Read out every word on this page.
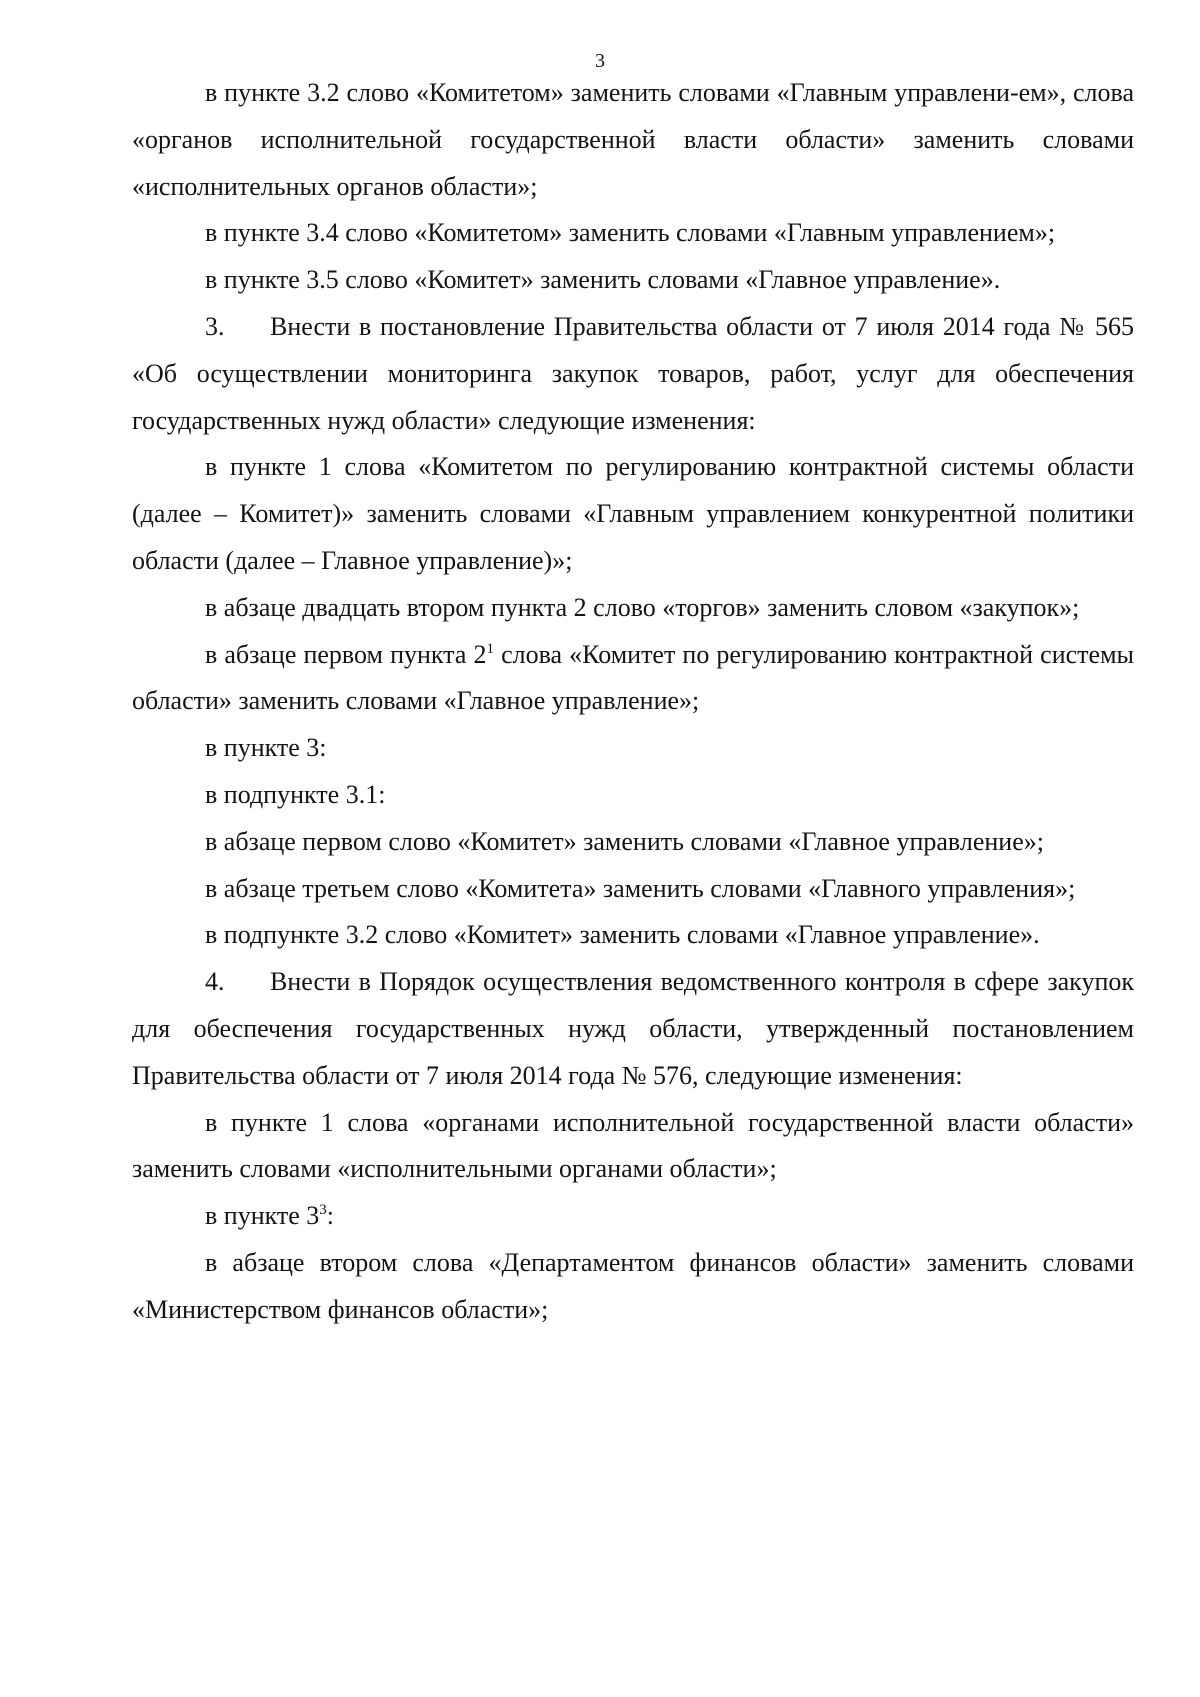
3

в пункте 3.2 слово «Комитетом» заменить словами «Главным управлени-ем», слова «органов исполнительной государственной власти области» заменить словами «исполнительных органов области»;

в пункте 3.4 слово «Комитетом» заменить словами «Главным управлением»;

в пункте 3.5 слово «Комитет» заменить словами «Главное управление».

3. Внести в постановление Правительства области от 7 июля 2014 года № 565 «Об осуществлении мониторинга закупок товаров, работ, услуг для обеспечения государственных нужд области» следующие изменения:

в пункте 1 слова «Комитетом по регулированию контрактной системы области (далее – Комитет)» заменить словами «Главным управлением конкурентной политики области (далее – Главное управление)»;

в абзаце двадцать втором пункта 2 слово «торгов» заменить словом «закупок»;

в абзаце первом пункта $2^1$ слова «Комитет по регулированию контрактной системы области» заменить словами «Главное управление»;

в пункте 3:

в подпункте 3.1:

в абзаце первом слово «Комитет» заменить словами «Главное управление»;

в абзаце третьем слово «Комитета» заменить словами «Главного управления»;

в подпункте 3.2 слово «Комитет» заменить словами «Главное управление».

4. Внести в Порядок осуществления ведомственного контроля в сфере закупок для обеспечения государственных нужд области, утвержденный постановлением Правительства области от 7 июля 2014 года № 576, следующие изменения:

в пункте 1 слова «органами исполнительной государственной власти области» заменить словами «исполнительными органами области»;

в пункте $3^3$:

в абзаце втором слова «Департаментом финансов области» заменить словами «Министерством финансов области»;
